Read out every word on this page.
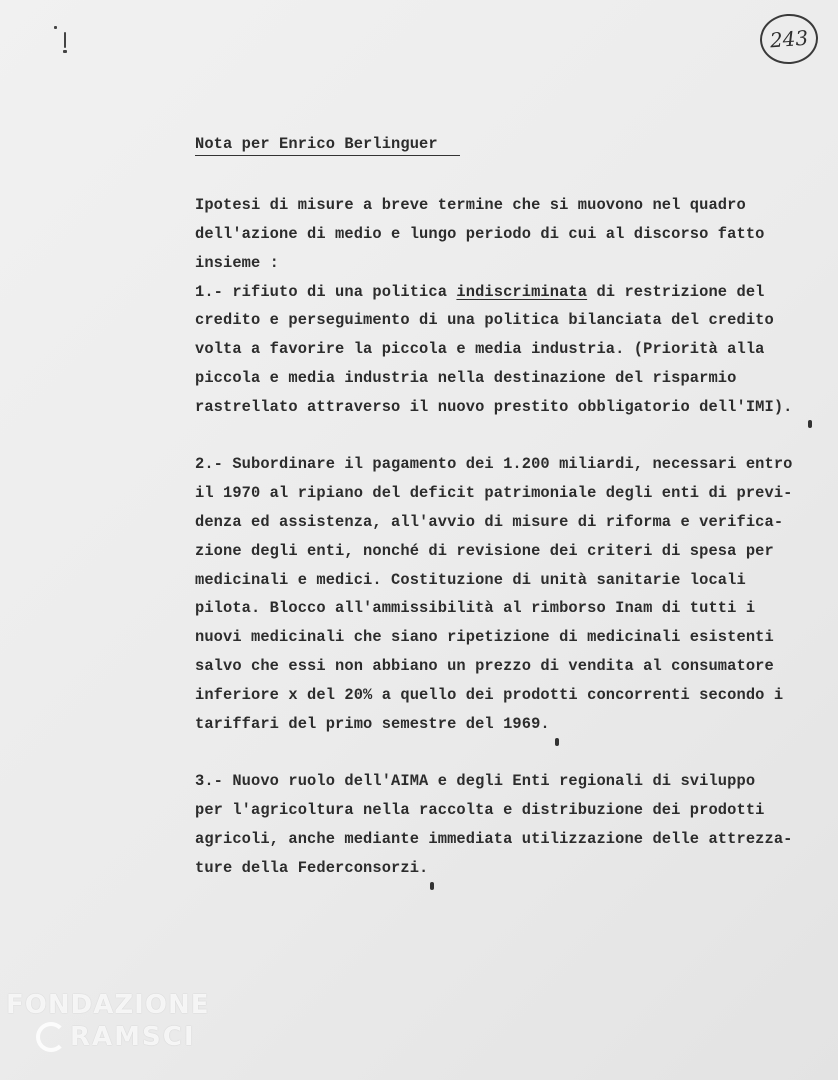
243
Nota per Enrico Berlinguer
Ipotesi di misure a breve termine che si muovono nel quadro
dell'azione di medio e lungo periodo di cui al discorso fatto
insieme :
1.- rifiuto di una politica indiscriminata di restrizione del
credito e perseguimento di una politica bilanciata del credito
volta a favorire la piccola e media industria. (Priorità alla
piccola e media industria nella destinazione del risparmio
rastrellato attraverso il nuovo prestito obbligatorio dell'IMI).
2.- Subordinare il pagamento dei 1.200 miliardi, necessari entro
il 1970 al ripiano del deficit patrimoniale degli enti di previ-
denza ed assistenza, all'avvio di misure di riforma e verifica-
zione degli enti, nonché di revisione dei criteri di spesa per
medicinali e medici. Costituzione di unità sanitarie locali
pilota. Blocco all'ammissibilità al rimborso Inam di tutti i
nuovi medicinali che siano ripetizione di medicinali esistenti
salvo che essi non abbiano un prezzo di vendita al consumatore
inferiore x del 20% a quello dei prodotti concorrenti secondo i
tariffari del primo semestre del 1969.
3.- Nuovo ruolo dell'AIMA e degli Enti regionali di sviluppo
per l'agricoltura nella raccolta e distribuzione dei prodotti
agricoli, anche mediante immediata utilizzazione delle attrezza-
ture della Federconsorzi.
FONDAZIONE
RAMSCI
